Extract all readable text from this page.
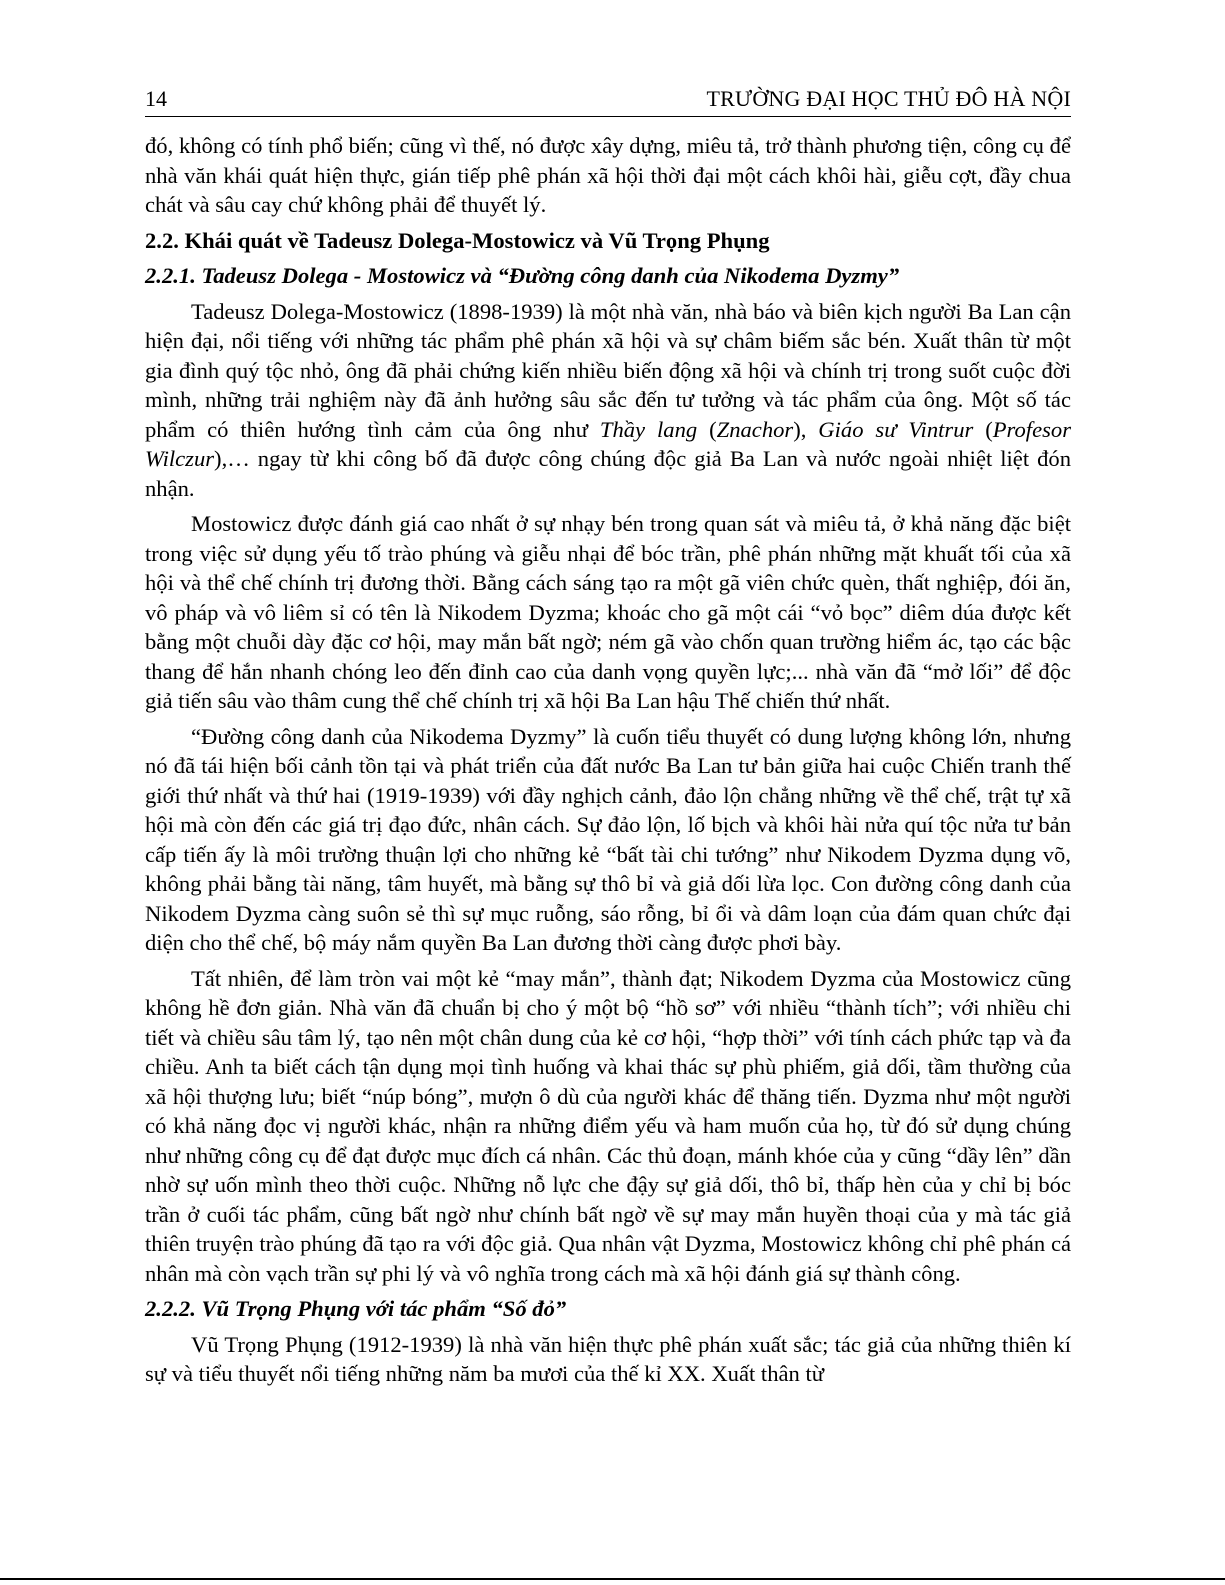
14	TRƯỜNG ĐẠI HỌC THỦ ĐÔ HÀ NỘI

đó, không có tính phổ biến; cũng vì thế, nó được xây dựng, miêu tả, trở thành phương tiện, công cụ để nhà văn khái quát hiện thực, gián tiếp phê phán xã hội thời đại một cách khôi hài, giễu cợt, đầy chua chát và sâu cay chứ không phải để thuyết lý.

2.2. Khái quát về Tadeusz Dolega-Mostowicz và Vũ Trọng Phụng

2.2.1. Tadeusz Dolega - Mostowicz và “Đường công danh của Nikodema Dyzmy”

Tadeusz Dolega-Mostowicz (1898-1939) là một nhà văn, nhà báo và biên kịch người Ba Lan cận hiện đại, nổi tiếng với những tác phẩm phê phán xã hội và sự châm biếm sắc bén. Xuất thân từ một gia đình quý tộc nhỏ, ông đã phải chứng kiến nhiều biến động xã hội và chính trị trong suốt cuộc đời mình, những trải nghiệm này đã ảnh hưởng sâu sắc đến tư tưởng và tác phẩm của ông. Một số tác phẩm có thiên hướng tình cảm của ông như Thầy lang (Znachor), Giáo sư Vintrur (Profesor Wilczur),… ngay từ khi công bố đã được công chúng độc giả Ba Lan và nước ngoài nhiệt liệt đón nhận.

Mostowicz được đánh giá cao nhất ở sự nhạy bén trong quan sát và miêu tả, ở khả năng đặc biệt trong việc sử dụng yếu tố trào phúng và giễu nhại để bóc trần, phê phán những mặt khuất tối của xã hội và thể chế chính trị đương thời. Bằng cách sáng tạo ra một gã viên chức quèn, thất nghiệp, đói ăn, vô pháp và vô liêm sỉ có tên là Nikodem Dyzma; khoác cho gã một cái “vỏ bọc” diêm dúa được kết bằng một chuỗi dày đặc cơ hội, may mắn bất ngờ; ném gã vào chốn quan trường hiểm ác, tạo các bậc thang để hắn nhanh chóng leo đến đỉnh cao của danh vọng quyền lực;... nhà văn đã “mở lối” để độc giả tiến sâu vào thâm cung thể chế chính trị xã hội Ba Lan hậu Thế chiến thứ nhất.

“Đường công danh của Nikodema Dyzmy” là cuốn tiểu thuyết có dung lượng không lớn, nhưng nó đã tái hiện bối cảnh tồn tại và phát triển của đất nước Ba Lan tư bản giữa hai cuộc Chiến tranh thế giới thứ nhất và thứ hai (1919-1939) với đầy nghịch cảnh, đảo lộn chẳng những về thể chế, trật tự xã hội mà còn đến các giá trị đạo đức, nhân cách. Sự đảo lộn, lố bịch và khôi hài nửa quí tộc nửa tư bản cấp tiến ấy là môi trường thuận lợi cho những kẻ “bất tài chi tướng” như Nikodem Dyzma dụng võ, không phải bằng tài năng, tâm huyết, mà bằng sự thô bỉ và giả dối lừa lọc. Con đường công danh của Nikodem Dyzma càng suôn sẻ thì sự mục ruỗng, sáo rỗng, bỉ ổi và dâm loạn của đám quan chức đại diện cho thể chế, bộ máy nắm quyền Ba Lan đương thời càng được phơi bày.

Tất nhiên, để làm tròn vai một kẻ “may mắn”, thành đạt; Nikodem Dyzma của Mostowicz cũng không hề đơn giản. Nhà văn đã chuẩn bị cho ý một bộ “hồ sơ” với nhiều “thành tích”; với nhiều chi tiết và chiều sâu tâm lý, tạo nên một chân dung của kẻ cơ hội, “hợp thời” với tính cách phức tạp và đa chiều. Anh ta biết cách tận dụng mọi tình huống và khai thác sự phù phiếm, giả dối, tầm thường của xã hội thượng lưu; biết “núp bóng”, mượn ô dù của người khác để thăng tiến. Dyzma như một người có khả năng đọc vị người khác, nhận ra những điểm yếu và ham muốn của họ, từ đó sử dụng chúng như những công cụ để đạt được mục đích cá nhân. Các thủ đoạn, mánh khóe của y cũng “dầy lên” dần nhờ sự uốn mình theo thời cuộc. Những nỗ lực che đậy sự giả dối, thô bỉ, thấp hèn của y chỉ bị bóc trần ở cuối tác phẩm, cũng bất ngờ như chính bất ngờ về sự may mắn huyền thoại của y mà tác giả thiên truyện trào phúng đã tạo ra với độc giả. Qua nhân vật Dyzma, Mostowicz không chỉ phê phán cá nhân mà còn vạch trần sự phi lý và vô nghĩa trong cách mà xã hội đánh giá sự thành công.

2.2.2. Vũ Trọng Phụng với tác phẩm “Số đỏ”

Vũ Trọng Phụng (1912-1939) là nhà văn hiện thực phê phán xuất sắc; tác giả của những thiên kí sự và tiểu thuyết nổi tiếng những năm ba mươi của thế kỉ XX. Xuất thân từ
